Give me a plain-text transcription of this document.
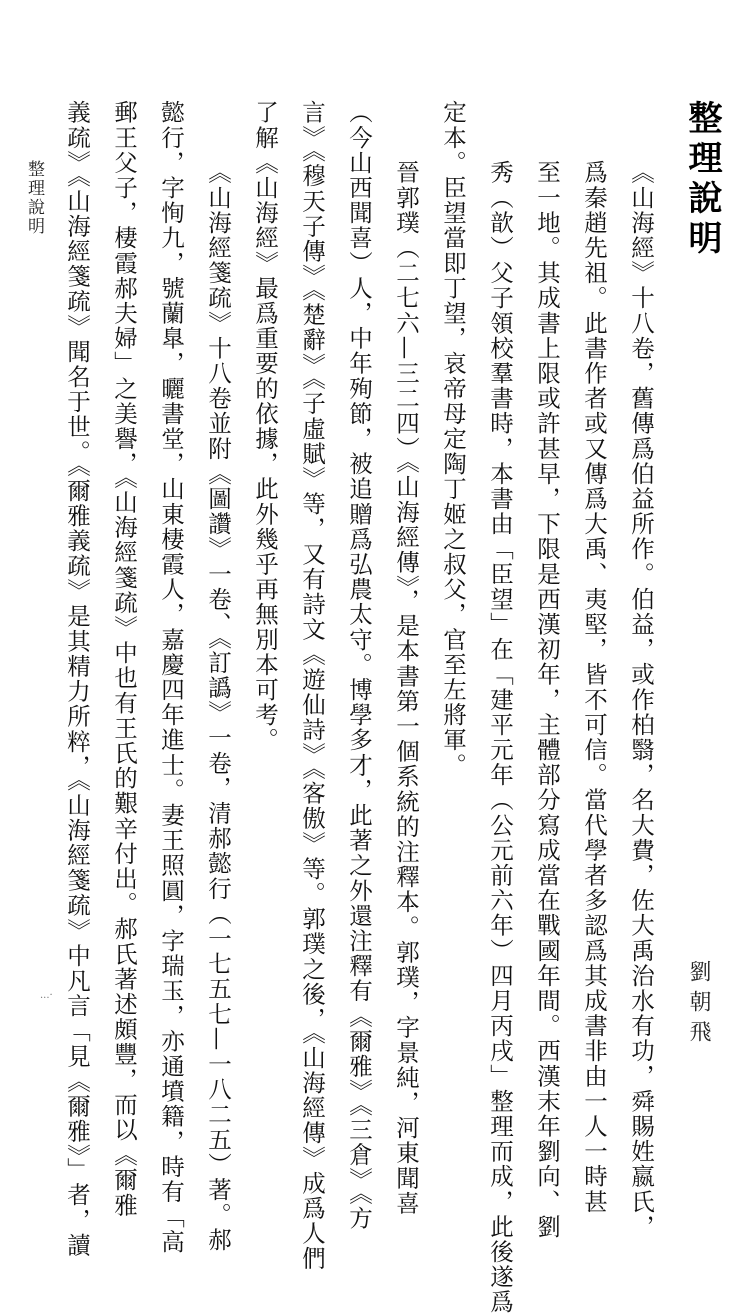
整理說明	整理說明
劉朝飛
...·	《山海經》十八卷，舊傳爲伯益所作。伯益，或作柏翳，名大費，佐大禹治水有功，舜賜姓嬴氏，
爲秦趙先祖。此書作者或又傳爲大禹、夷堅，皆不可信。當代學者多認爲其成書非由一人一時甚
至一地。其成書上限或許甚早，下限是西漢初年，主體部分寫成當在戰國年間。西漢末年劉向、劉
秀（歆）父子領校羣書時，本書由「臣望」在「建平元年（公元前六年）四月丙戌」整理而成，此後遂爲
定本。臣望當即丁望，哀帝母定陶丁姬之叔父，官至左將軍。
晉郭璞（二七六—三二四）《山海經傳》，是本書第一個系統的注釋本。郭璞，字景純，河東聞喜
（今山西聞喜）人，中年殉節，被追贈爲弘農太守。博學多才，此著之外還注釋有《爾雅》《三倉》《方
言》《穆天子傳》《楚辭》《子虛賦》等，又有詩文《遊仙詩》《客傲》等。郭璞之後，《山海經傳》成爲人們
了解《山海經》最爲重要的依據，此外幾乎再無別本可考。
《山海經箋疏》十八卷並附《圖讚》一卷、《訂譌》一卷，清郝懿行（一七五七—一八二五）著。郝
懿行，字恂九，號蘭臯，曬書堂，山東棲霞人，嘉慶四年進士。妻王照圓，字瑞玉，亦通墳籍，時有「高
郵王父子，棲霞郝夫婦」之美譽，《山海經箋疏》中也有王氏的艱辛付出。郝氏著述頗豐，而以《爾雅
義疏》《山海經箋疏》聞名于世。《爾雅義疏》是其精力所粹，《山海經箋疏》中凡言「見《爾雅》」者，讀
